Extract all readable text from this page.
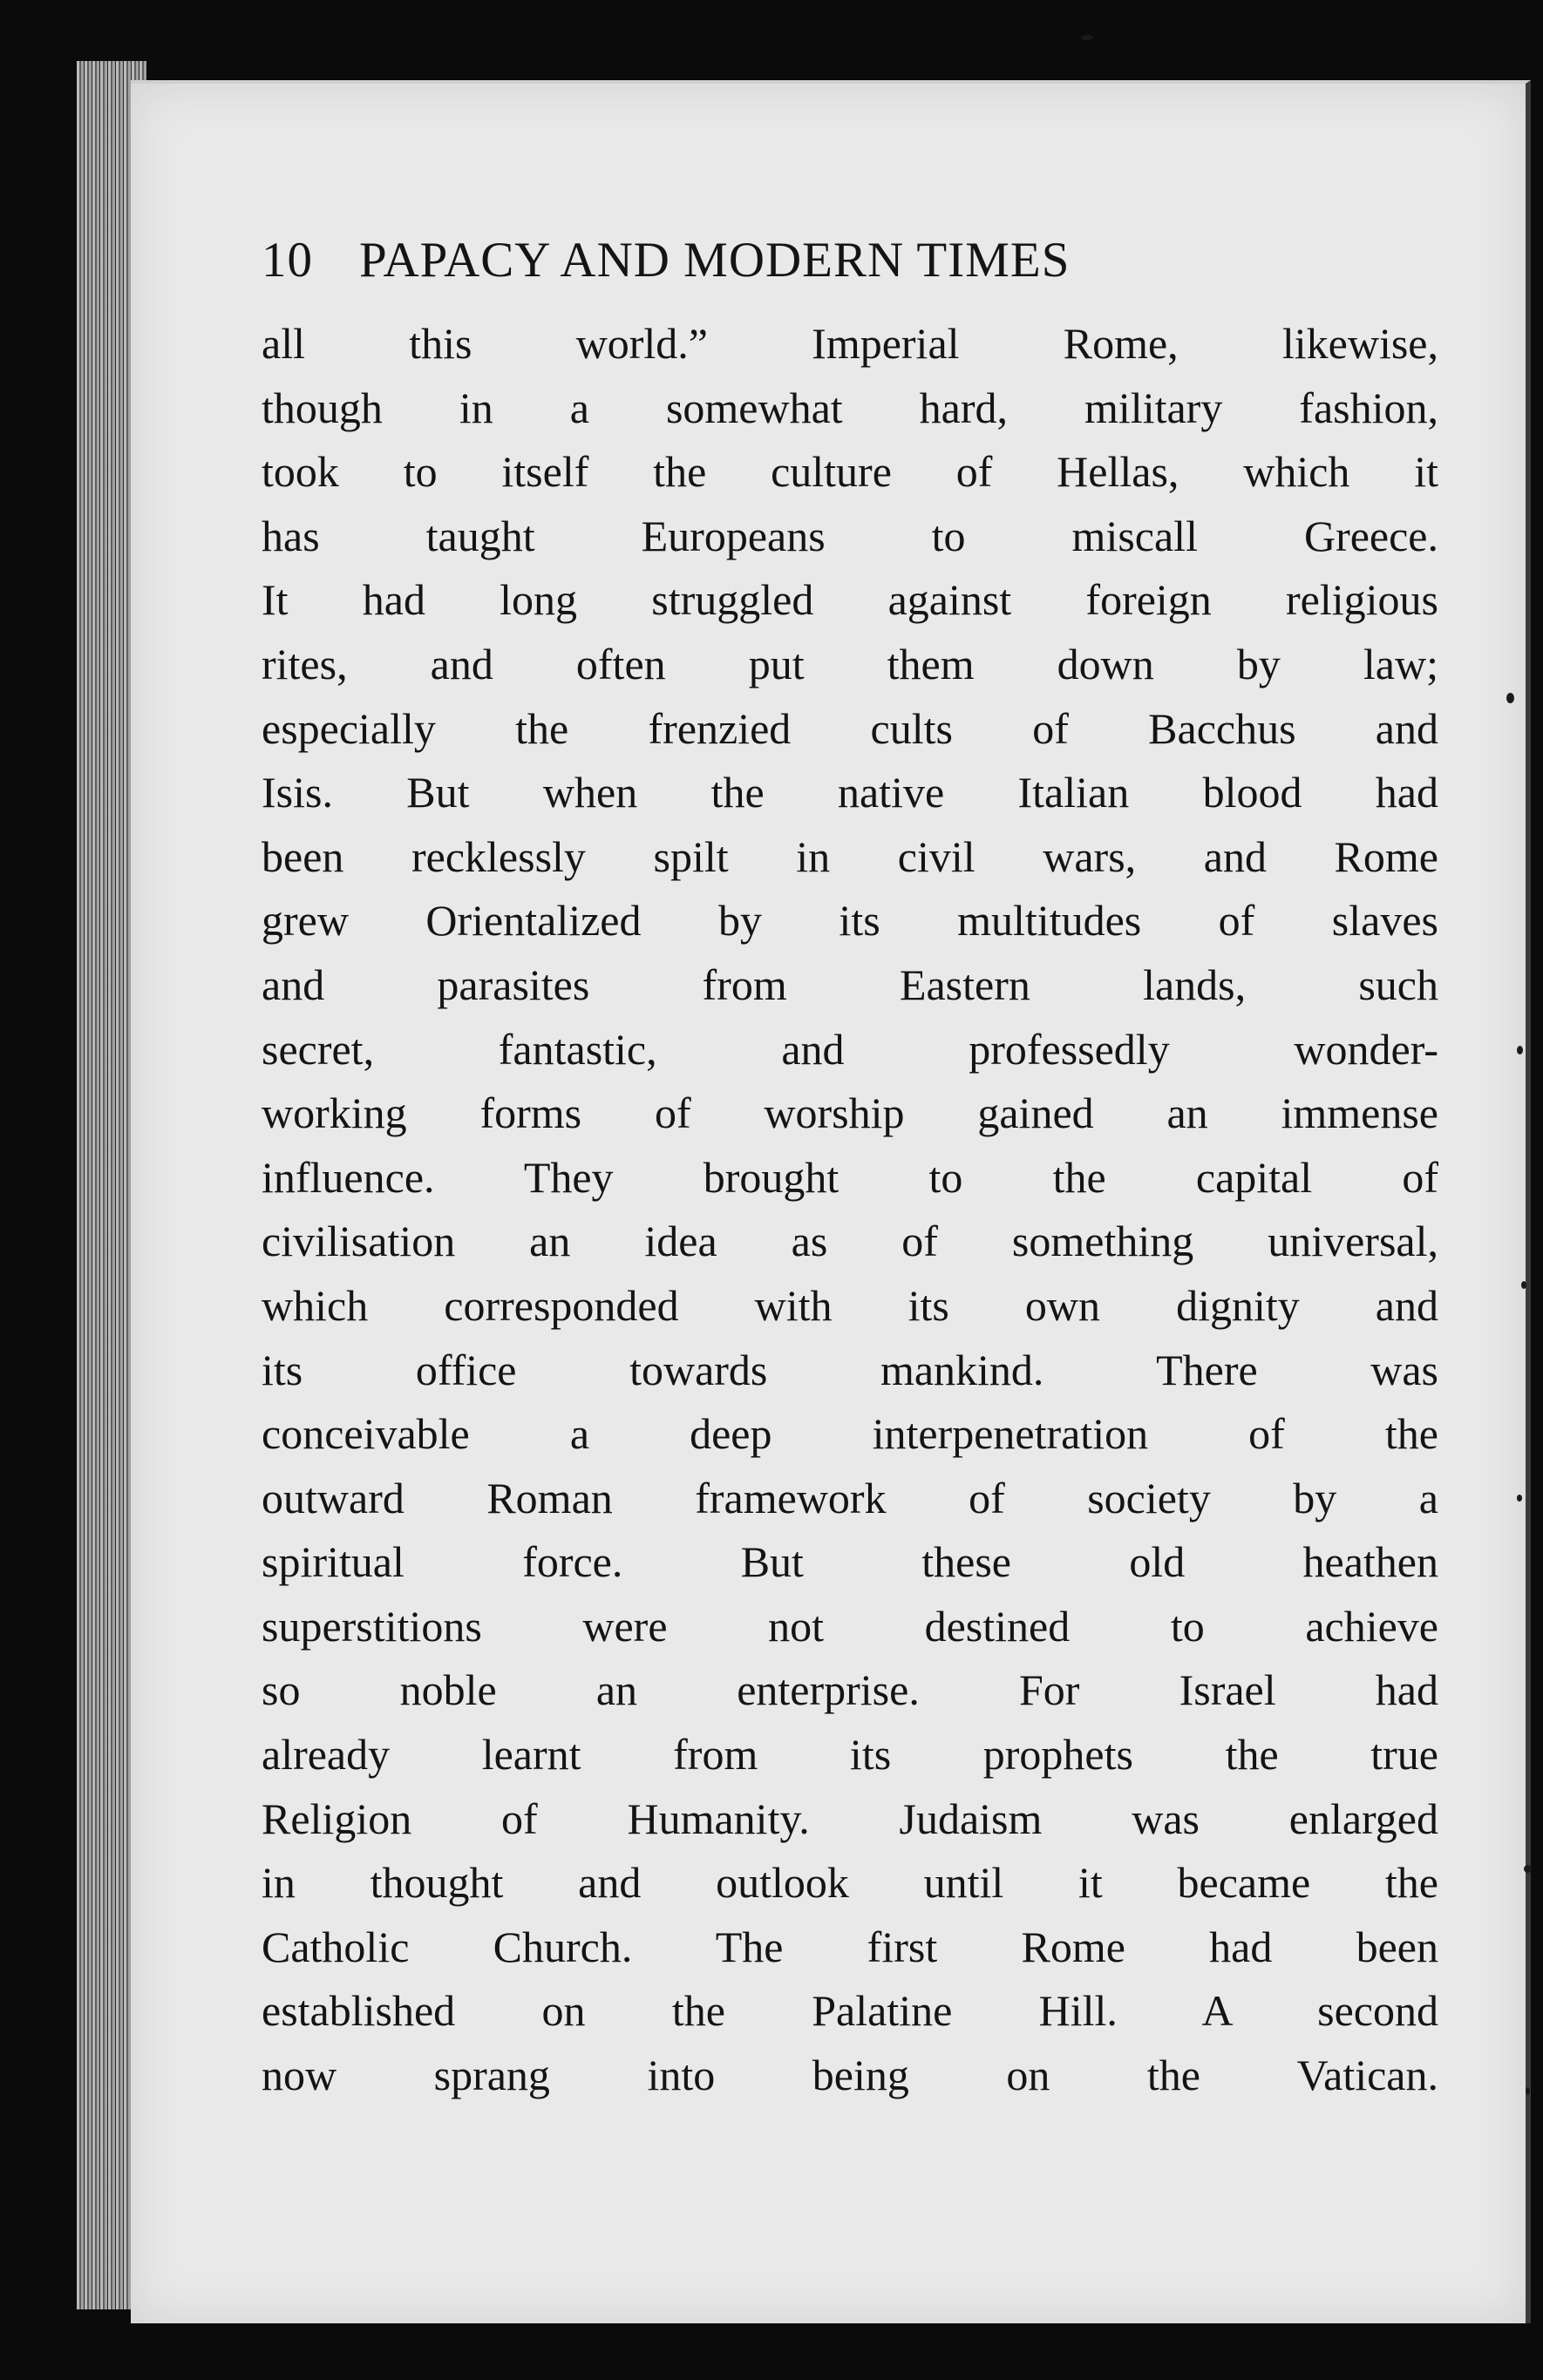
10 PAPACY AND MODERN TIMES
all this world.” Imperial Rome, likewise,
though in a somewhat hard, military fashion,
took to itself the culture of Hellas, which it
has taught Europeans to miscall Greece.
It had long struggled against foreign religious
rites, and often put them down by law;
especially the frenzied cults of Bacchus and
Isis. But when the native Italian blood had
been recklessly spilt in civil wars, and Rome
grew Orientalized by its multitudes of slaves
and parasites from Eastern lands, such
secret, fantastic, and professedly wonder-
working forms of worship gained an immense
influence. They brought to the capital of
civilisation an idea as of something universal,
which corresponded with its own dignity and
its office towards mankind. There was
conceivable a deep interpenetration of the
outward Roman framework of society by a
spiritual force. But these old heathen
superstitions were not destined to achieve
so noble an enterprise. For Israel had
already learnt from its prophets the true
Religion of Humanity. Judaism was enlarged
in thought and outlook until it became the
Catholic Church. The first Rome had been
established on the Palatine Hill. A second
now sprang into being on the Vatican.
